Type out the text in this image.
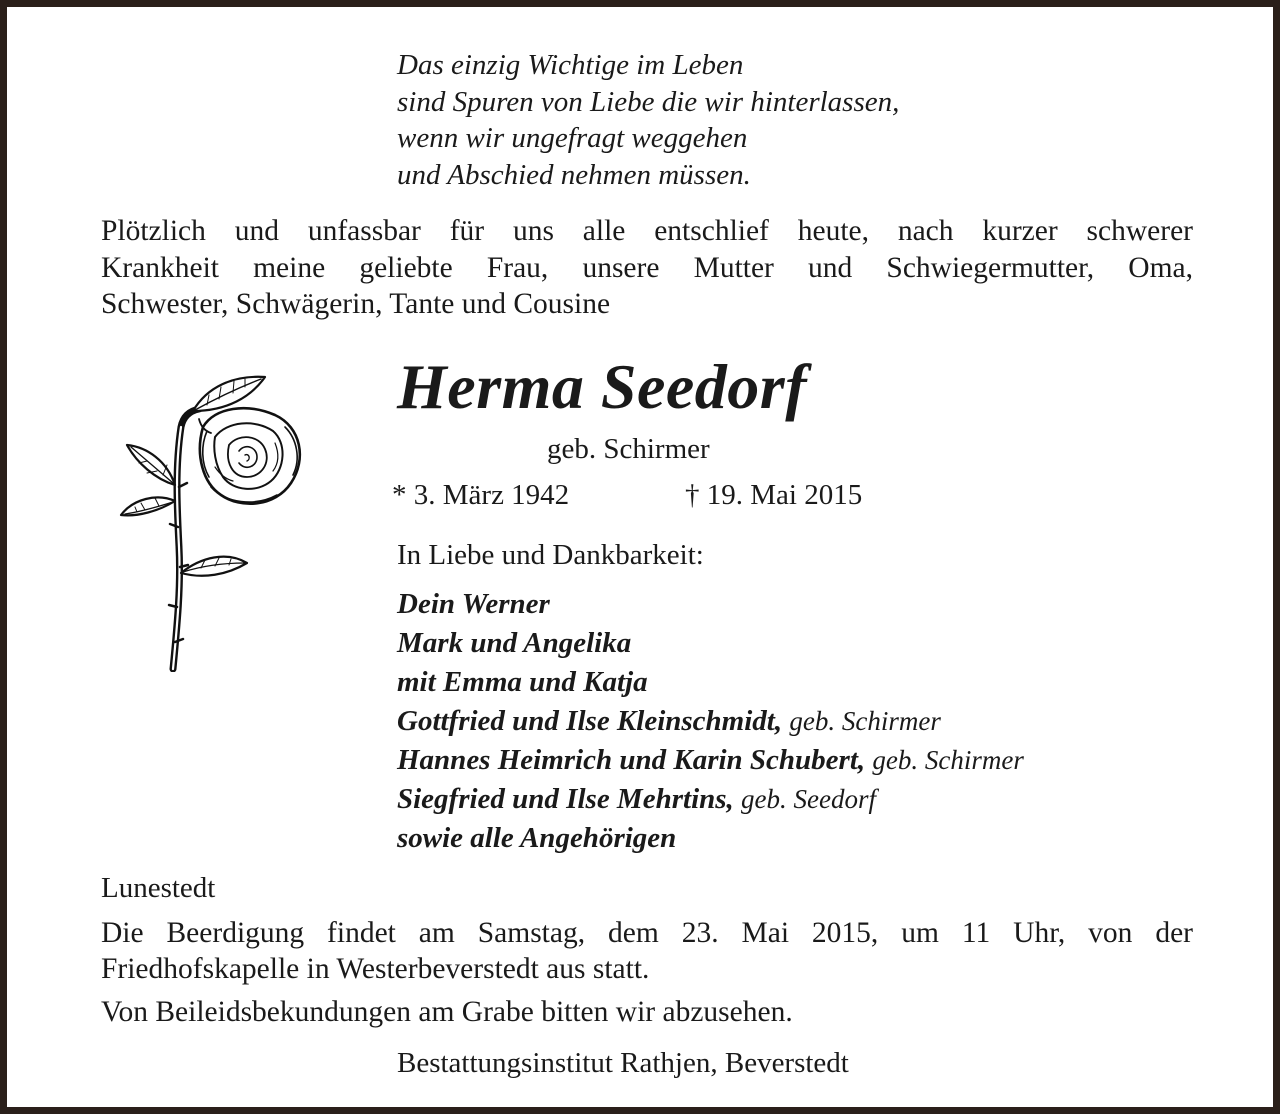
Das einzig Wichtige im Leben
sind Spuren von Liebe die wir hinterlassen,
wenn wir ungefragt weggehen
und Abschied nehmen müssen.
Plötzlich und unfassbar für uns alle entschlief heute, nach kurzer schwerer
Krankheit meine geliebte Frau, unsere Mutter und Schwiegermutter, Oma,
Schwester, Schwägerin, Tante und Cousine
Herma Seedorf
geb. Schirmer
* 3. März 1942	† 19. Mai 2015
In Liebe und Dankbarkeit:
Dein Werner
Mark und Angelika
mit Emma und Katja
Gottfried und Ilse Kleinschmidt, geb. Schirmer
Hannes Heimrich und Karin Schubert, geb. Schirmer
Siegfried und Ilse Mehrtins, geb. Seedorf
sowie alle Angehörigen
Lunestedt
Die Beerdigung findet am Samstag, dem 23. Mai 2015, um 11 Uhr, von der
Friedhofskapelle in Westerbeverstedt aus statt.
Von Beileidsbekundungen am Grabe bitten wir abzusehen.
Bestattungsinstitut Rathjen, Beverstedt
